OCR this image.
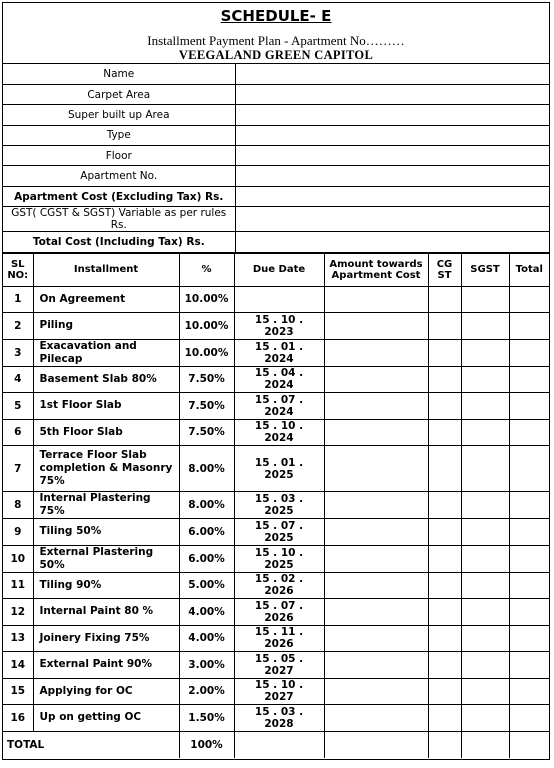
SCHEDULE- E
Installment Payment Plan - Apartment No………
VEEGALAND GREEN CAPITOL
Name	
Carpet Area	
Super built up Area	
Type	
Floor	
Apartment No.	
Apartment Cost (Excluding Tax) Rs.	
GST( CGST & SGST) Variable as per rules Rs.	
Total Cost (Including Tax) Rs.	
SL NO:	Installment	%	Due Date	Amount towards Apartment Cost	CG ST	SGST	Total
1	On Agreement	10.00%					
2	Piling	10.00%	15 . 10 . 2023				
3	Exacavation and Pilecap	10.00%	15 . 01 . 2024				
4	Basement Slab 80%	7.50%	15 . 04 . 2024				
5	1st Floor Slab	7.50%	15 . 07 . 2024				
6	5th Floor Slab	7.50%	15 . 10 . 2024				
7	Terrace Floor Slab completion & Masonry 75%	8.00%	15 . 01 . 2025				
8	Internal Plastering 75%	8.00%	15 . 03 . 2025				
9	Tiling 50%	6.00%	15 . 07 . 2025				
10	External Plastering 50%	6.00%	15 . 10 . 2025				
11	Tiling 90%	5.00%	15 . 02 . 2026				
12	Internal Paint 80 %	4.00%	15 . 07 . 2026				
13	Joinery Fixing 75%	4.00%	15 . 11 . 2026				
14	External Paint 90%	3.00%	15 . 05 . 2027				
15	Applying for OC	2.00%	15 . 10 . 2027				
16	Up on getting OC	1.50%	15 . 03 . 2028				
TOTAL		100%					
